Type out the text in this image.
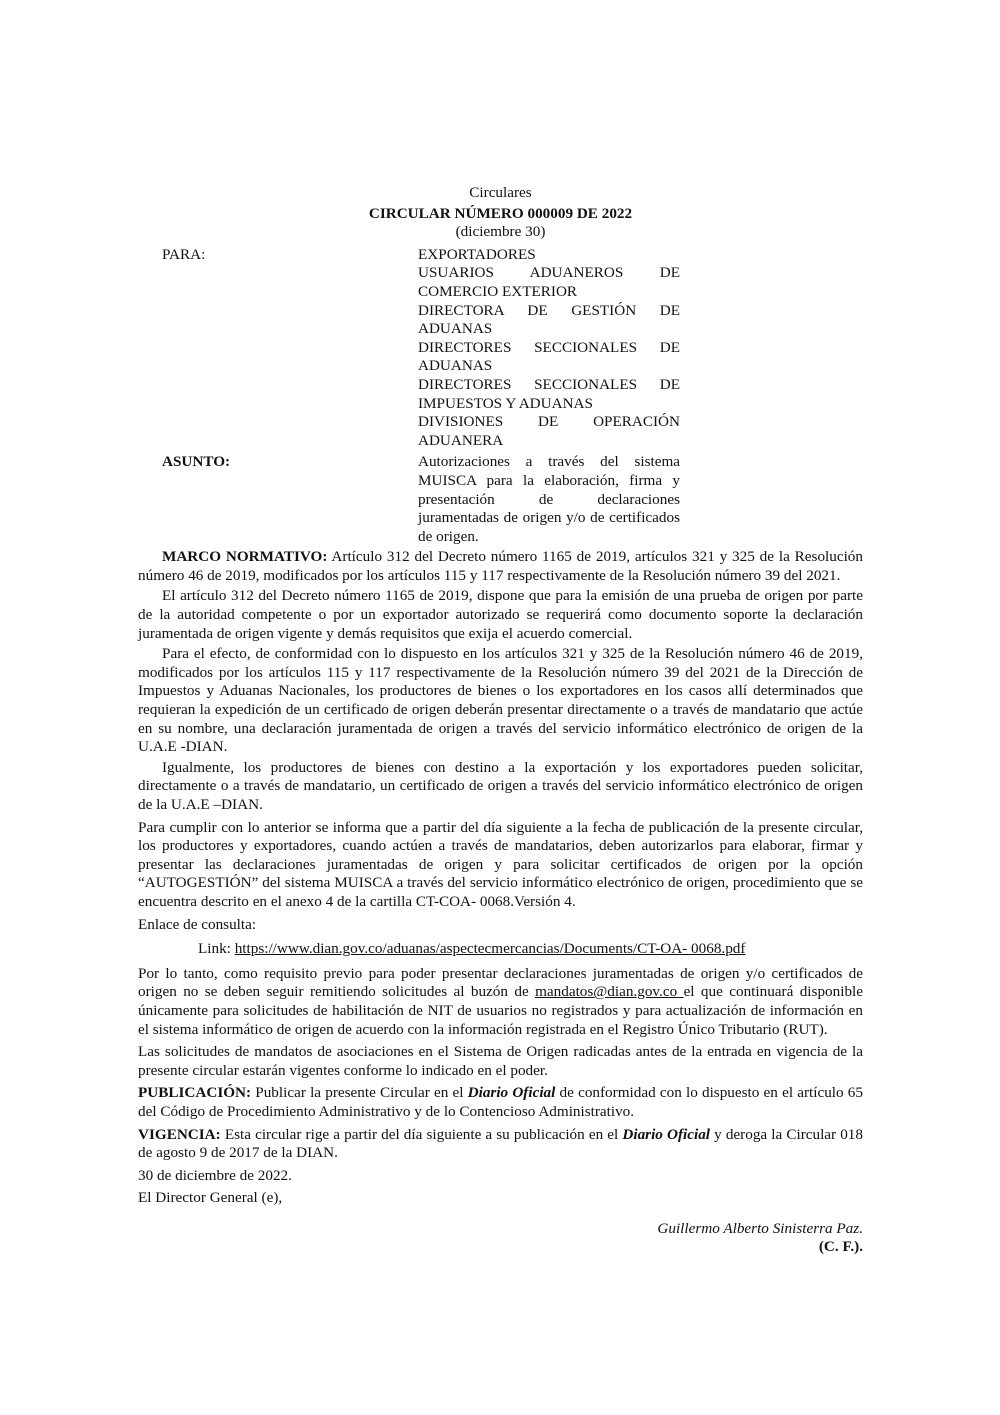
Circulares
CIRCULAR NÚMERO 000009 DE 2022
(diciembre 30)
PARA:	EXPORTADORES
USUARIOS ADUANEROS DE COMERCIO EXTERIOR
DIRECTORA DE GESTIÓN DE ADUANAS
DIRECTORES SECCIONALES DE ADUANAS
DIRECTORES SECCIONALES DE IMPUESTOS Y ADUANAS
DIVISIONES DE OPERACIÓN ADUANERA
ASUNTO:	Autorizaciones a través del sistema MUISCA para la elaboración, firma y presentación de declaraciones juramentadas de origen y/o de certificados de origen.

MARCO NORMATIVO: Artículo 312 del Decreto número 1165 de 2019, artículos 321 y 325 de la Resolución número 46 de 2019, modificados por los artículos 115 y 117 respectivamente de la Resolución número 39 del 2021.

El artículo 312 del Decreto número 1165 de 2019, dispone que para la emisión de una prueba de origen por parte de la autoridad competente o por un exportador autorizado se requerirá como documento soporte la declaración juramentada de origen vigente y demás requisitos que exija el acuerdo comercial.

Para el efecto, de conformidad con lo dispuesto en los artículos 321 y 325 de la Resolución número 46 de 2019, modificados por los artículos 115 y 117 respectivamente de la Resolución número 39 del 2021 de la Dirección de Impuestos y Aduanas Nacionales, los productores de bienes o los exportadores en los casos allí determinados que requieran la expedición de un certificado de origen deberán presentar directamente o a través de mandatario que actúe en su nombre, una declaración juramentada de origen a través del servicio informático electrónico de origen de la U.A.E -DIAN.

Igualmente, los productores de bienes con destino a la exportación y los exportadores pueden solicitar, directamente o a través de mandatario, un certificado de origen a través del servicio informático electrónico de origen de la U.A.E –DIAN.

Para cumplir con lo anterior se informa que a partir del día siguiente a la fecha de publicación de la presente circular, los productores y exportadores, cuando actúen a través de mandatarios, deben autorizarlos para elaborar, firmar y presentar las declaraciones juramentadas de origen y para solicitar certificados de origen por la opción “AUTOGESTIÓN” del sistema MUISCA a través del servicio informático electrónico de origen, procedimiento que se encuentra descrito en el anexo 4 de la cartilla CT-COA- 0068.Versión 4.

Enlace de consulta:

Link: https://www.dian.gov.co/aduanas/aspectecmercancias/Documents/CT-OA- 0068.pdf

Por lo tanto, como requisito previo para poder presentar declaraciones juramentadas de origen y/o certificados de origen no se deben seguir remitiendo solicitudes al buzón de mandatos@dian.gov.co el que continuará disponible únicamente para solicitudes de habilitación de NIT de usuarios no registrados y para actualización de información en el sistema informático de origen de acuerdo con la información registrada en el Registro Único Tributario (RUT).

Las solicitudes de mandatos de asociaciones en el Sistema de Origen radicadas antes de la entrada en vigencia de la presente circular estarán vigentes conforme lo indicado en el poder.

PUBLICACIÓN: Publicar la presente Circular en el Diario Oficial de conformidad con lo dispuesto en el artículo 65 del Código de Procedimiento Administrativo y de lo Contencioso Administrativo.

VIGENCIA: Esta circular rige a partir del día siguiente a su publicación en el Diario Oficial y deroga la Circular 018 de agosto 9 de 2017 de la DIAN.

30 de diciembre de 2022.

El Director General (e),

Guillermo Alberto Sinisterra Paz.
(C. F.).
